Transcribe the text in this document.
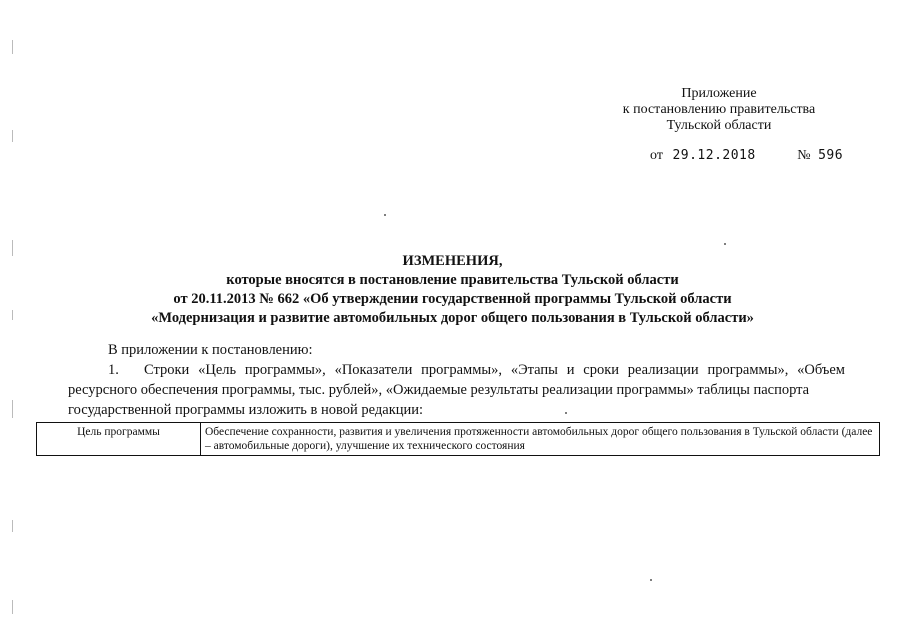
Приложение
к постановлению правительства
Тульской области
от 29.12.2018	№ 596
ИЗМЕНЕНИЯ,
которые вносятся в постановление правительства Тульской области
от 20.11.2013 № 662 «Об утверждении государственной программы Тульской области
«Модернизация и развитие автомобильных дорог общего пользования в Тульской области»
В приложении к постановлению:
1. Строки «Цель программы», «Показатели программы», «Этапы и сроки реализации программы», «Объем ресурсного обеспечения программы, тыс. рублей», «Ожидаемые результаты реализации программы» таблицы паспорта
государственной программы изложить в новой редакции:
Цель программы	Обеспечение сохранности, развития и увеличения протяженности автомобильных дорог общего пользования в Тульской области (далее – автомобильные дороги), улучшение их технического состояния
